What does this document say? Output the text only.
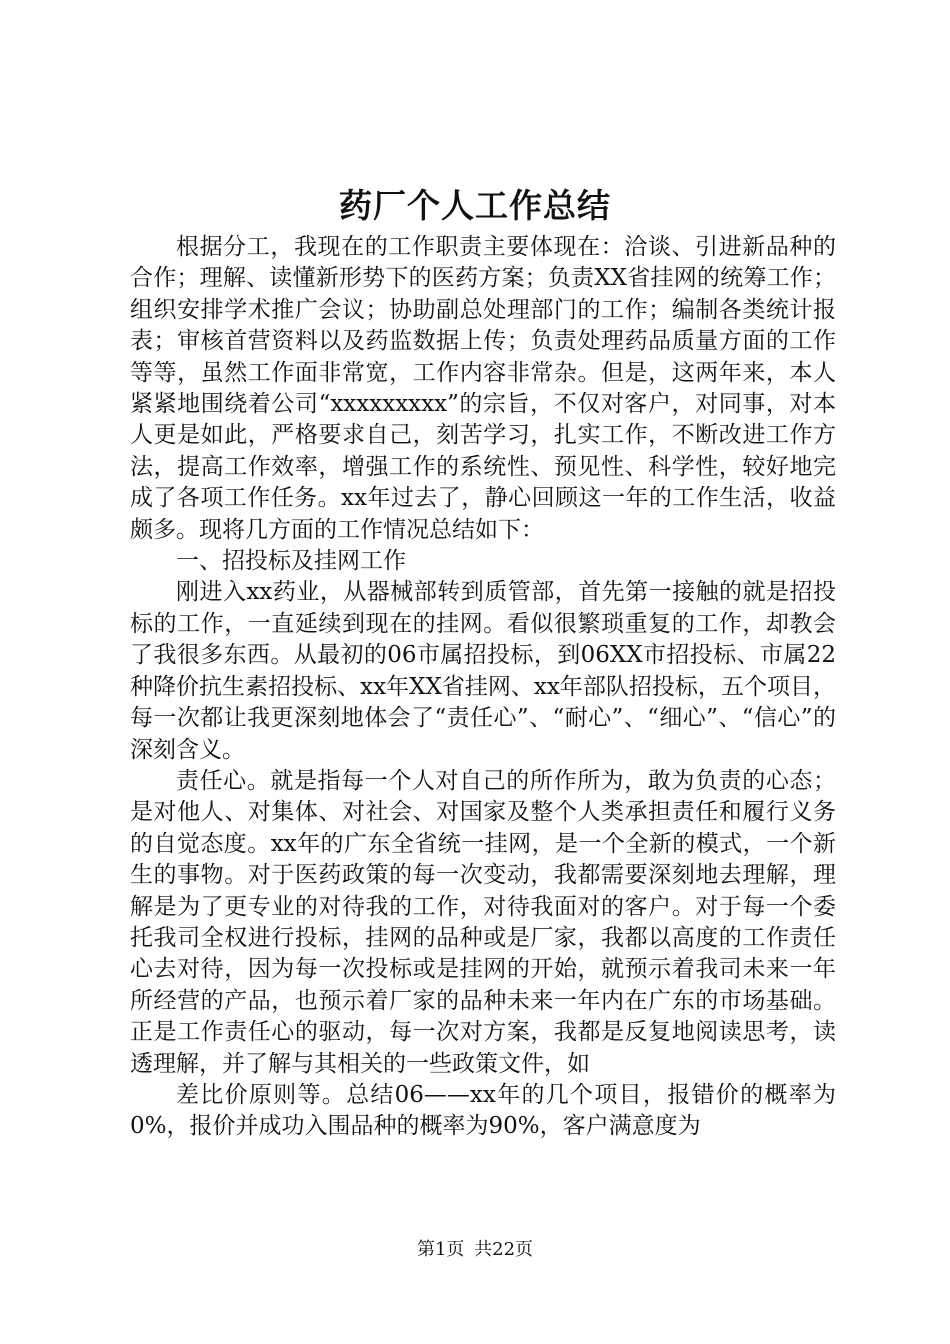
药厂个人工作总结

根据分工，我现在的工作职责主要体现在：洽谈、引进新品种的合作；理解、读懂新形势下的医药方案；负责XX省挂网的统筹工作；组织安排学术推广会议；协助副总处理部门的工作；编制各类统计报表；审核首营资料以及药监数据上传；负责处理药品质量方面的工作等等，虽然工作面非常宽，工作内容非常杂。但是，这两年来，本人紧紧地围绕着公司“xxxxxxxxx”的宗旨，不仅对客户，对同事，对本人更是如此，严格要求自己，刻苦学习，扎实工作，不断改进工作方法，提高工作效率，增强工作的系统性、预见性、科学性，较好地完成了各项工作任务。xx年过去了，静心回顾这一年的工作生活，收益颇多。现将几方面的工作情况总结如下：

一、招投标及挂网工作

刚进入xx药业，从器械部转到质管部，首先第一接触的就是招投标的工作，一直延续到现在的挂网。看似很繁琐重复的工作，却教会了我很多东西。从最初的06市属招投标，到06XX市招投标、市属22种降价抗生素招投标、xx年XX省挂网、xx年部队招投标，五个项目，每一次都让我更深刻地体会了“责任心”、“耐心”、“细心”、“信心”的深刻含义。

责任心。就是指每一个人对自己的所作所为，敢为负责的心态；是对他人、对集体、对社会、对国家及整个人类承担责任和履行义务的自觉态度。xx年的广东全省统一挂网，是一个全新的模式，一个新生的事物。对于医药政策的每一次变动，我都需要深刻地去理解，理解是为了更专业的对待我的工作，对待我面对的客户。对于每一个委托我司全权进行投标，挂网的品种或是厂家，我都以高度的工作责任心去对待，因为每一次投标或是挂网的开始，就预示着我司未来一年所经营的产品，也预示着厂家的品种未来一年内在广东的市场基础。正是工作责任心的驱动，每一次对方案，我都是反复地阅读思考，读透理解，并了解与其相关的一些政策文件，如

差比价原则等。总结06——xx年的几个项目，报错价的概率为0%，报价并成功入围品种的概率为90%，客户满意度为

第1页 共22页
